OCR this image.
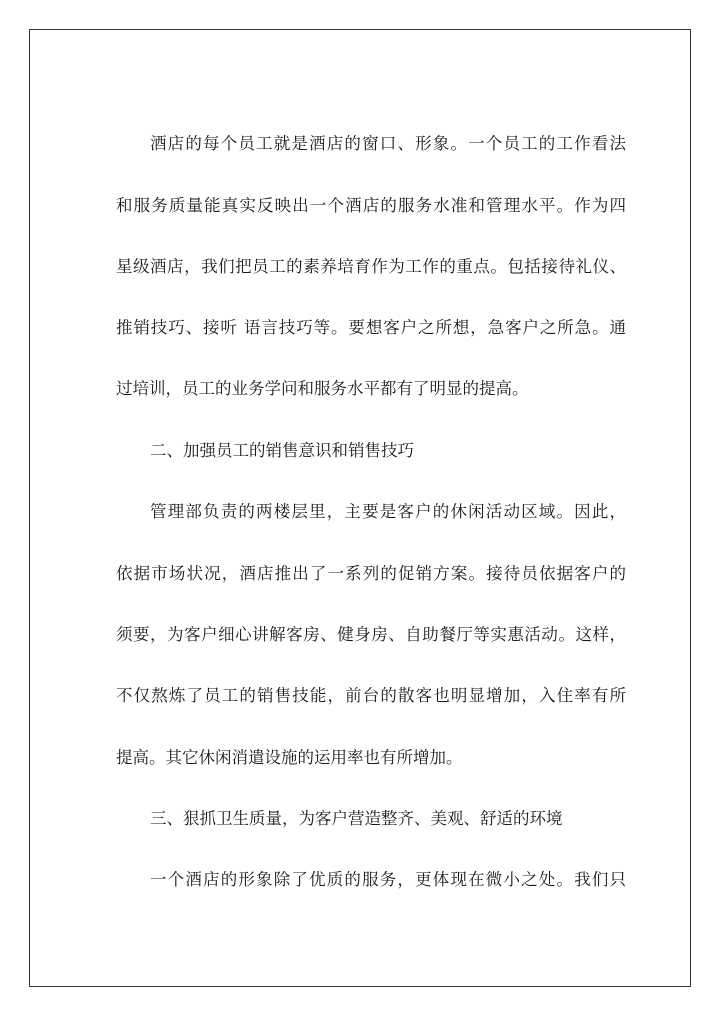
酒店的每个员工就是酒店的窗口、形象。一个员工的工作看法
和服务质量能真实反映出一个酒店的服务水准和管理水平。作为四
星级酒店，我们把员工的素养培育作为工作的重点。包括接待礼仪、
推销技巧、接听 语言技巧等。要想客户之所想，急客户之所急。通
过培训，员工的业务学问和服务水平都有了明显的提高。
二、加强员工的销售意识和销售技巧
管理部负责的两楼层里，主要是客户的休闲活动区域。因此，
依据市场状况，酒店推出了一系列的促销方案。接待员依据客户的
须要，为客户细心讲解客房、健身房、自助餐厅等实惠活动。这样，
不仅熬炼了员工的销售技能，前台的散客也明显增加，入住率有所
提高。其它休闲消遣设施的运用率也有所增加。
三、狠抓卫生质量，为客户营造整齐、美观、舒适的环境
一个酒店的形象除了优质的服务，更体现在微小之处。我们只
